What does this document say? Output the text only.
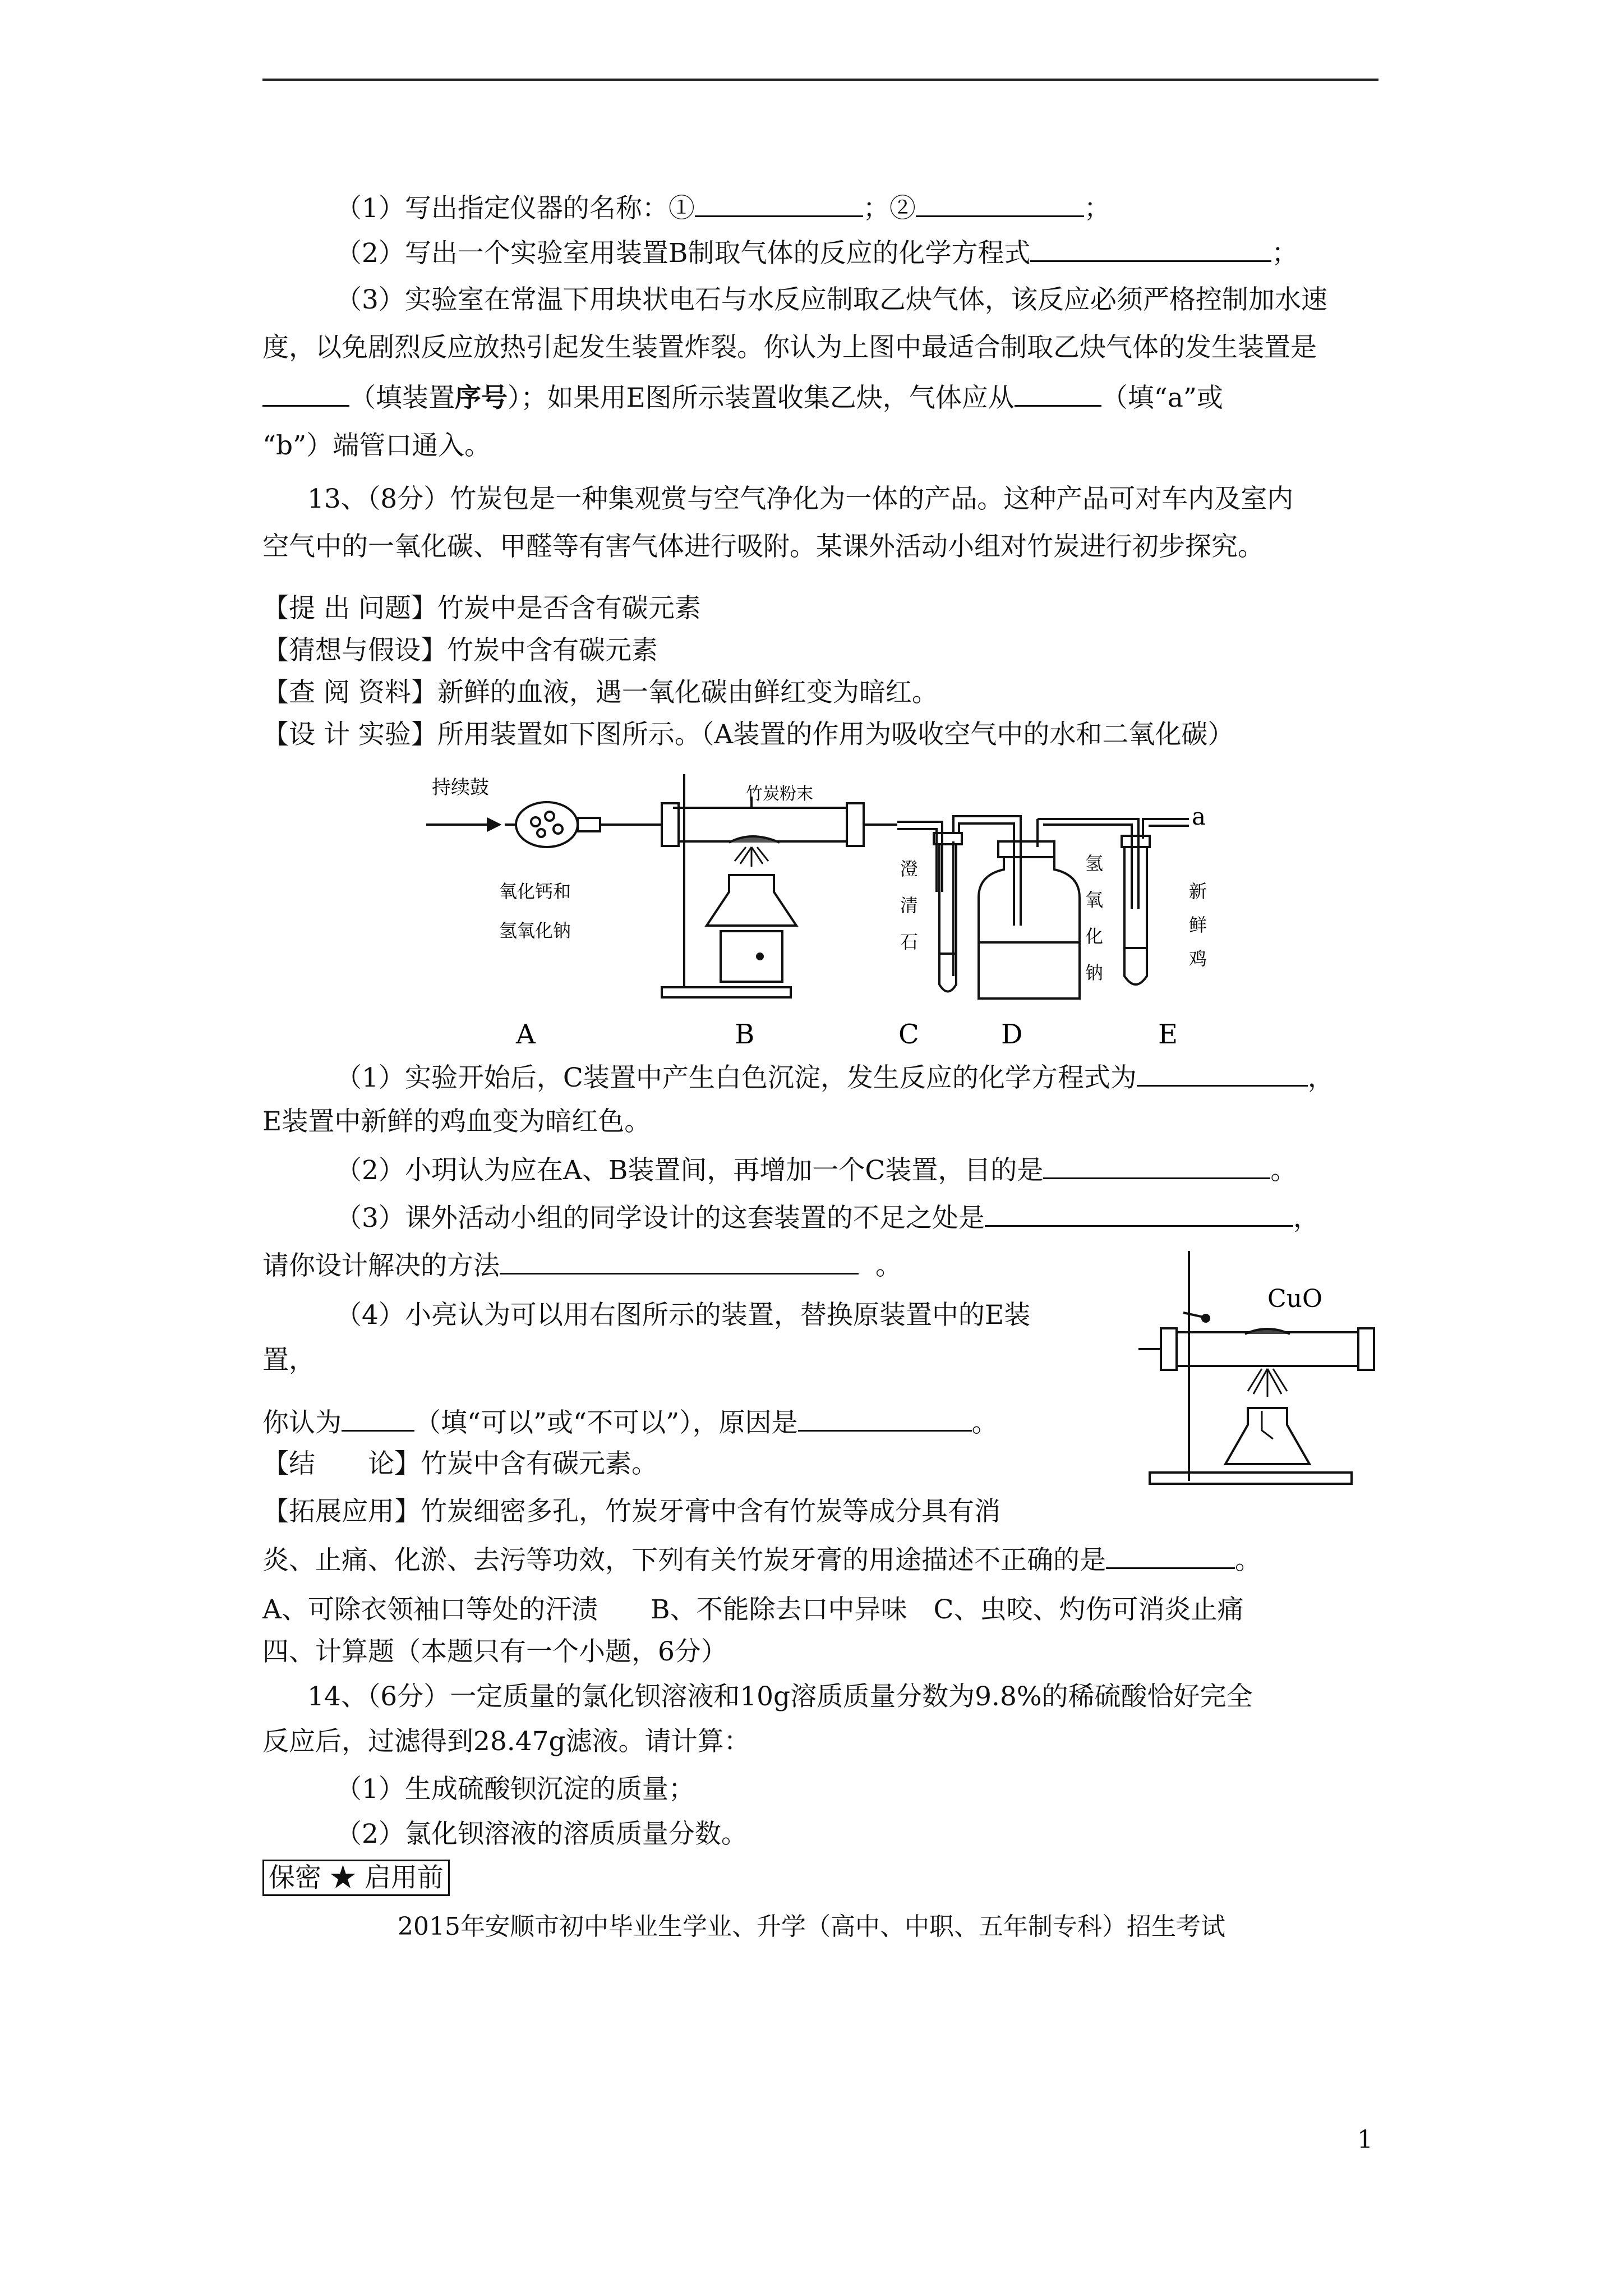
（1）写出指定仪器的名称：①	；②	；
（2）写出一个实验室用装置B制取气体的反应的化学方程式	；
（3）实验室在常温下用块状电石与水反应制取乙炔气体，该反应必须严格控制加水速
度，以免剧烈反应放热引起发生装置炸裂。你认为上图中最适合制取乙炔气体的发生装置是
（填装置序号）；如果用E图所示装置收集乙炔，气体应从	（填“a”或
“b”）端管口通入。
13、（8分）竹炭包是一种集观赏与空气净化为一体的产品。这种产品可对车内及室内
空气中的一氧化碳、甲醛等有害气体进行吸附。某课外活动小组对竹炭进行初步探究。
【提 出 问题】竹炭中是否含有碳元素
【猜想与假设】竹炭中含有碳元素
【查 阅 资料】新鲜的血液，遇一氧化碳由鲜红变为暗红。
【设 计 实验】所用装置如下图所示。（A装置的作用为吸收空气中的水和二氧化碳）
持续鼓	竹炭粉末
a
氧化钙和
氢氧化钠
澄
清
石
氢
氧
化
钠
新
鲜
鸡
A	B	C	D	E
（1）实验开始后，C装置中产生白色沉淀，发生反应的化学方程式为	，
E装置中新鲜的鸡血变为暗红色。
（2）小玥认为应在A、B装置间，再增加一个C装置，目的是	。
（3）课外活动小组的同学设计的这套装置的不足之处是	，
请你设计解决的方法	。
（4）小亮认为可以用右图所示的装置，替换原装置中的E装
置，
你认为	（填“可以”或“不可以”），原因是	。
CuO
【结　　论】竹炭中含有碳元素。
【拓展应用】竹炭细密多孔，竹炭牙膏中含有竹炭等成分具有消
炎、止痛、化淤、去污等功效，下列有关竹炭牙膏的用途描述不正确的是	。
A、可除衣领袖口等处的汗渍　　B、不能除去口中异味　C、虫咬、灼伤可消炎止痛
四、计算题（本题只有一个小题，6分）
14、（6分）一定质量的氯化钡溶液和10g溶质质量分数为9.8%的稀硫酸恰好完全
反应后，过滤得到28.47g滤液。请计算：
（1）生成硫酸钡沉淀的质量；
（2）氯化钡溶液的溶质质量分数。
保密 ★ 启用前
2015年安顺市初中毕业生学业、升学（高中、中职、五年制专科）招生考试
1
